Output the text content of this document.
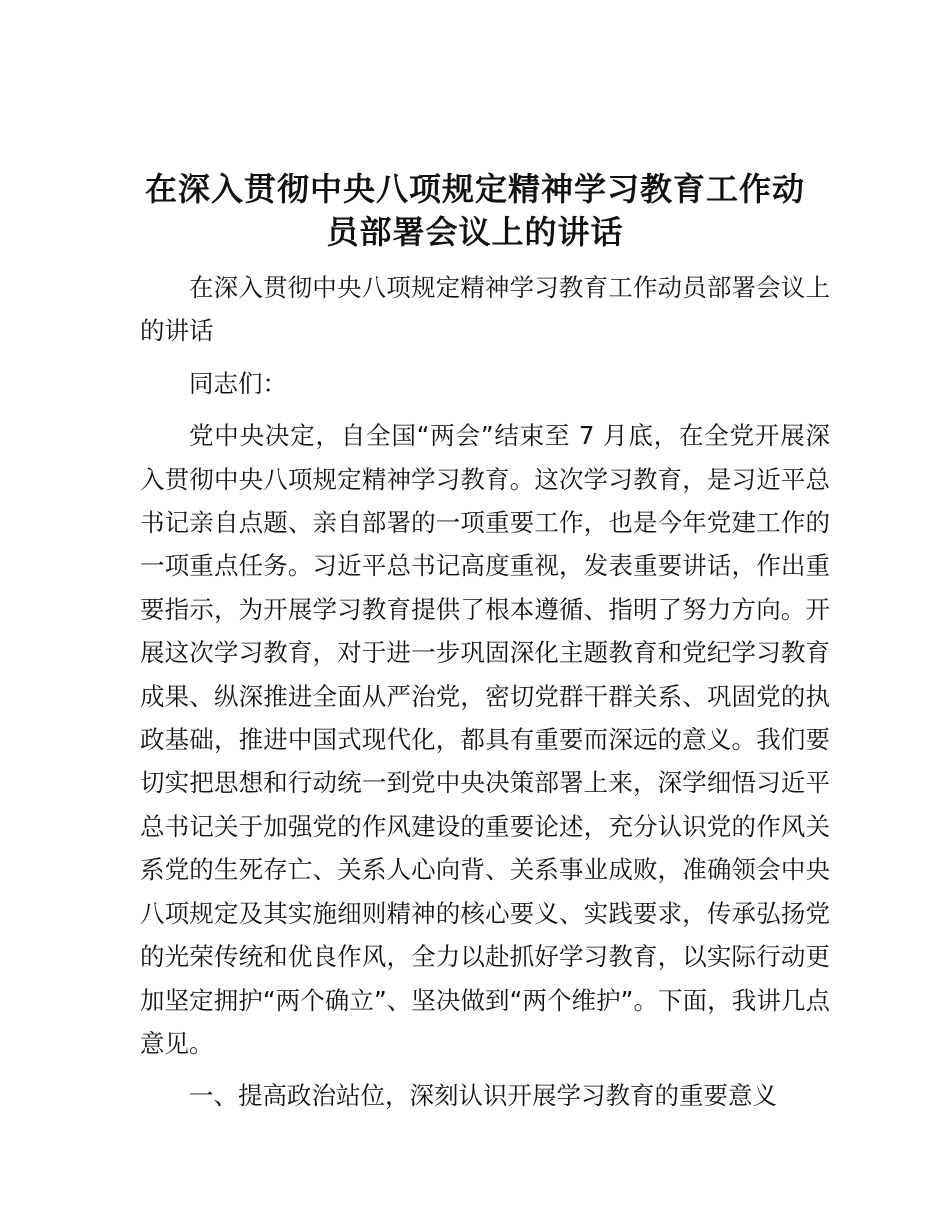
在深入贯彻中央八项规定精神学习教育工作动
员部署会议上的讲话

在深入贯彻中央八项规定精神学习教育工作动员部署会议上的讲话

同志们：

党中央决定，自全国“两会”结束至 7 月底，在全党开展深入贯彻中央八项规定精神学习教育。这次学习教育，是习近平总书记亲自点题、亲自部署的一项重要工作，也是今年党建工作的一项重点任务。习近平总书记高度重视，发表重要讲话，作出重要指示，为开展学习教育提供了根本遵循、指明了努力方向。开展这次学习教育，对于进一步巩固深化主题教育和党纪学习教育成果、纵深推进全面从严治党，密切党群干群关系、巩固党的执政基础，推进中国式现代化，都具有重要而深远的意义。我们要切实把思想和行动统一到党中央决策部署上来，深学细悟习近平总书记关于加强党的作风建设的重要论述，充分认识党的作风关系党的生死存亡、关系人心向背、关系事业成败，准确领会中央八项规定及其实施细则精神的核心要义、实践要求，传承弘扬党的光荣传统和优良作风，全力以赴抓好学习教育，以实际行动更加坚定拥护“两个确立”、坚决做到“两个维护”。下面，我讲几点意见。

一、提高政治站位，深刻认识开展学习教育的重要意义
